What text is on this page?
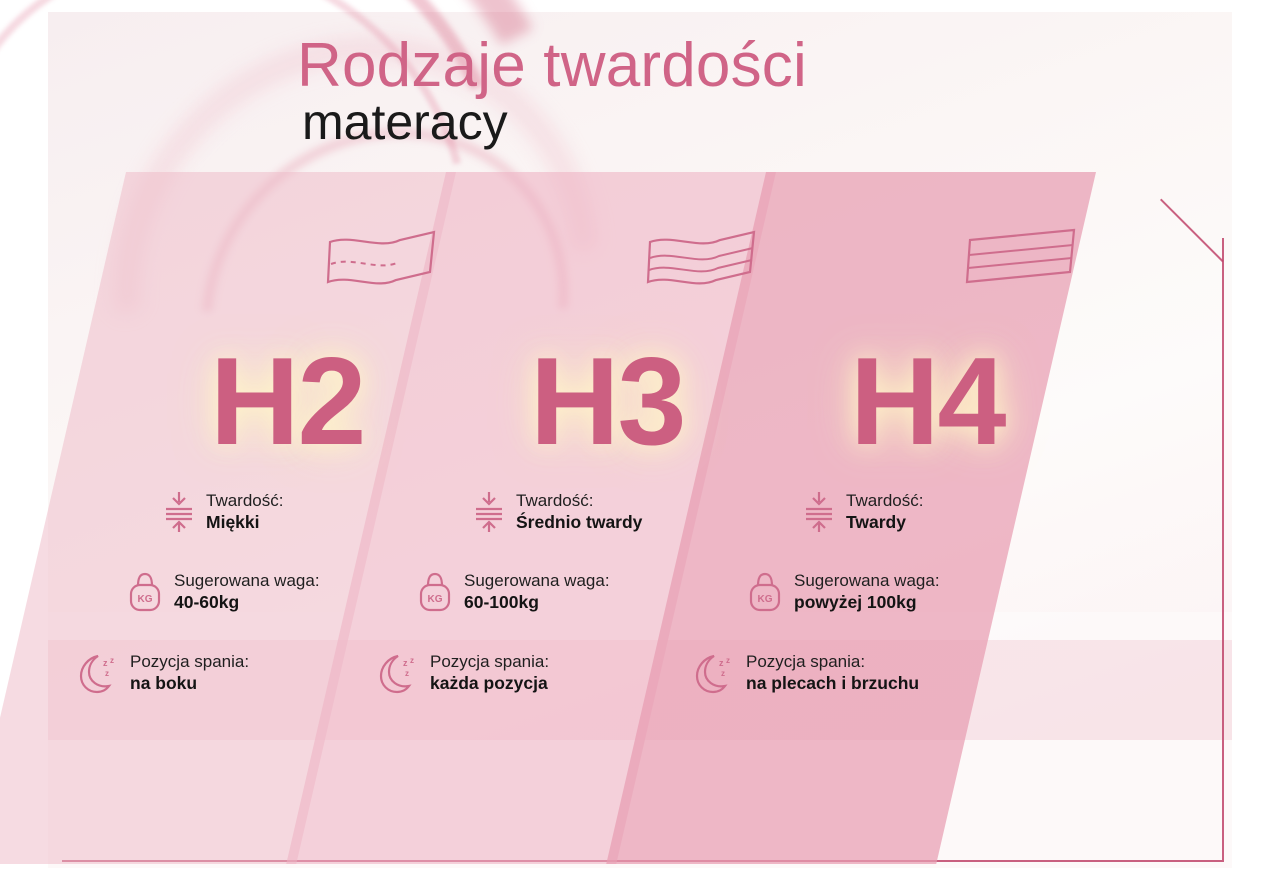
Rodzaje twardości
materacy
H2
Twardość:
Miękki
KG
Sugerowana waga:
40-60kg
z z
z
Pozycja spania:
na boku
H3
Twardość:
Średnio twardy
KG
Sugerowana waga:
60-100kg
z z
z
Pozycja spania:
każda pozycja
H4
Twardość:
Twardy
KG
Sugerowana waga:
powyżej 100kg
z z
z
Pozycja spania:
na plecach i brzuchu
